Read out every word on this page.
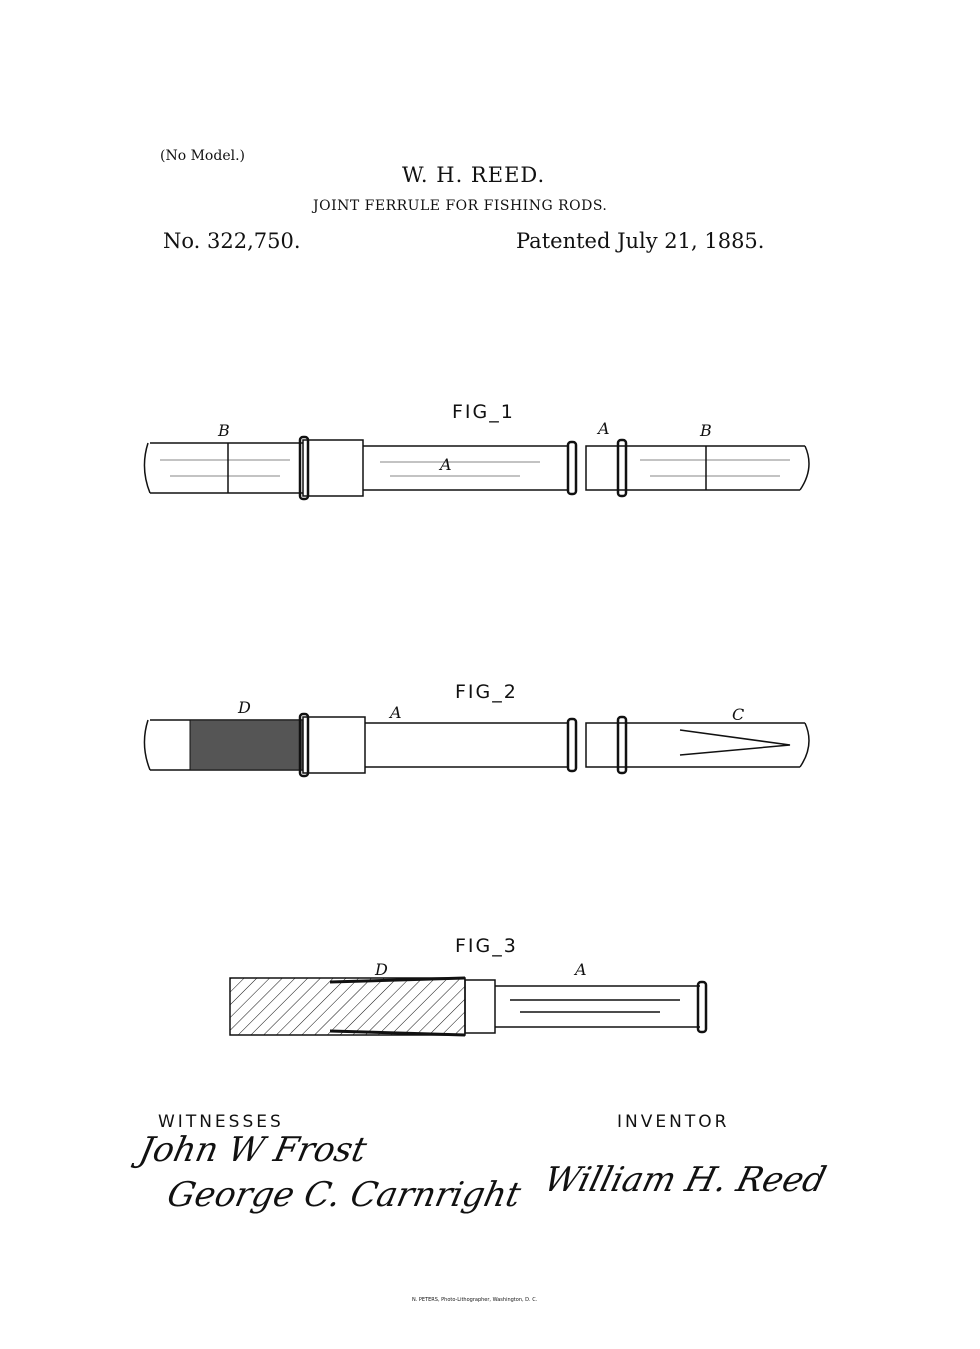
(No Model.)
W. H. REED.
JOINT FERRULE FOR FISHING RODS.
No. 322,750.	Patented July 21, 1885.
FIG_1
B
A
A	B
FIG_2
D	A	C
FIG_3
D	A
WITNESSES	INVENTOR
John W Frost
George C. Carnright William H. Reed
N. PETERS, Photo-Lithographer, Washington, D. C.
